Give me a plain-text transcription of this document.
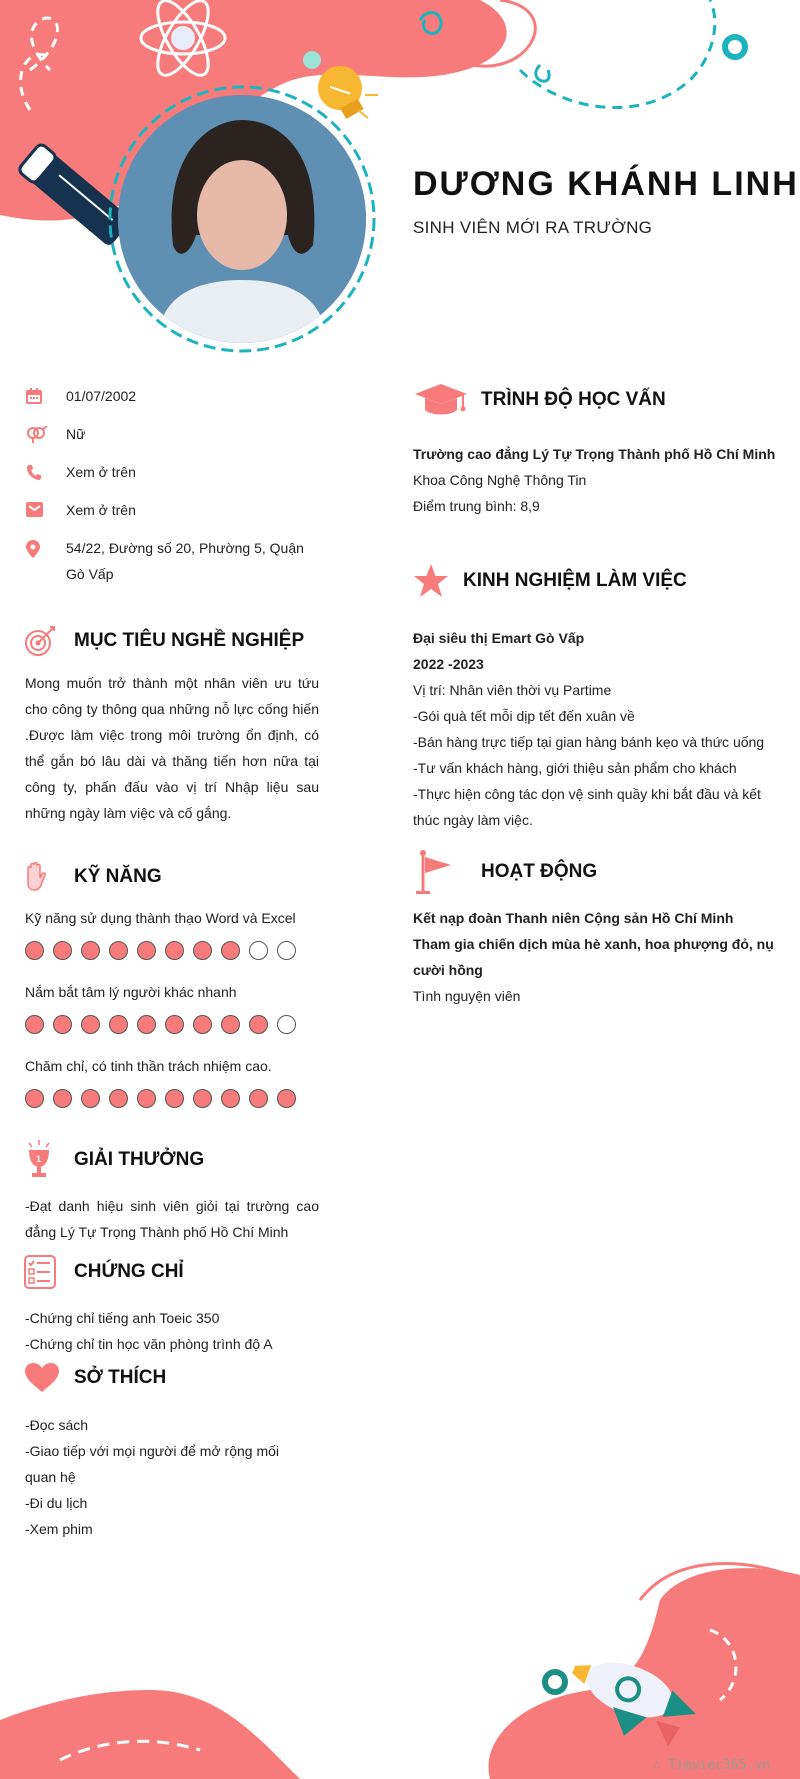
DƯƠNG KHÁNH LINH
SINH VIÊN MỚI RA TRƯỜNG
01/07/2002
Nữ
Xem ở trên
Xem ở trên
54/22, Đường số 20, Phường 5, Quận Gò Vấp
MỤC TIÊU NGHỀ NGHIỆP
Mong muốn trở thành một nhân viên ưu tứu cho công ty thông qua những nỗ lực cống hiến .Được làm việc trong môi trường ổn định, có thể gắn bó lâu dài và thăng tiến hơn nữa tại công ty, phấn đấu vào vị trí Nhập liệu sau những ngày làm việc và cố gắng.
KỸ NĂNG
Kỹ năng sử dụng thành thạo Word và Excel
Nắm bắt tâm lý người khác nhanh
Chăm chỉ, có tinh thần trách nhiệm cao.
1 GIẢI THƯỞNG
-Đạt danh hiệu sinh viên giỏi tại trường cao đẳng Lý Tự Trọng Thành phố Hồ Chí Minh
CHỨNG CHỈ
-Chứng chỉ tiếng anh Toeic 350
-Chứng chỉ tin học văn phòng trình độ A
SỞ THÍCH
-Đọc sách
-Giao tiếp với mọi người để mở rộng mối quan hệ
-Đi du lịch
-Xem phim
TRÌNH ĐỘ HỌC VẤN
Trường cao đẳng Lý Tự Trọng Thành phố Hồ Chí Minh
Khoa Công Nghệ Thông Tin
Điểm trung bình: 8,9
KINH NGHIỆM LÀM VIỆC
Đại siêu thị Emart Gò Vấp
2022 -2023
Vị trí: Nhân viên thời vụ Partime
-Gói quà tết mỗi dịp tết đến xuân về
-Bán hàng trực tiếp tại gian hàng bánh kẹo và thức uống
-Tư vấn khách hàng, giới thiệu sản phẩm cho khách
-Thực hiện công tác dọn vệ sinh quầy khi bắt đầu và kết thúc ngày làm việc.
HOẠT ĐỘNG
Kết nạp đoàn Thanh niên Cộng sản Hồ Chí Minh
Tham gia chiến dịch mùa hè xanh, hoa phượng đỏ, nụ cười hồng
Tình nguyện viên
∴ Timviec365.vn
